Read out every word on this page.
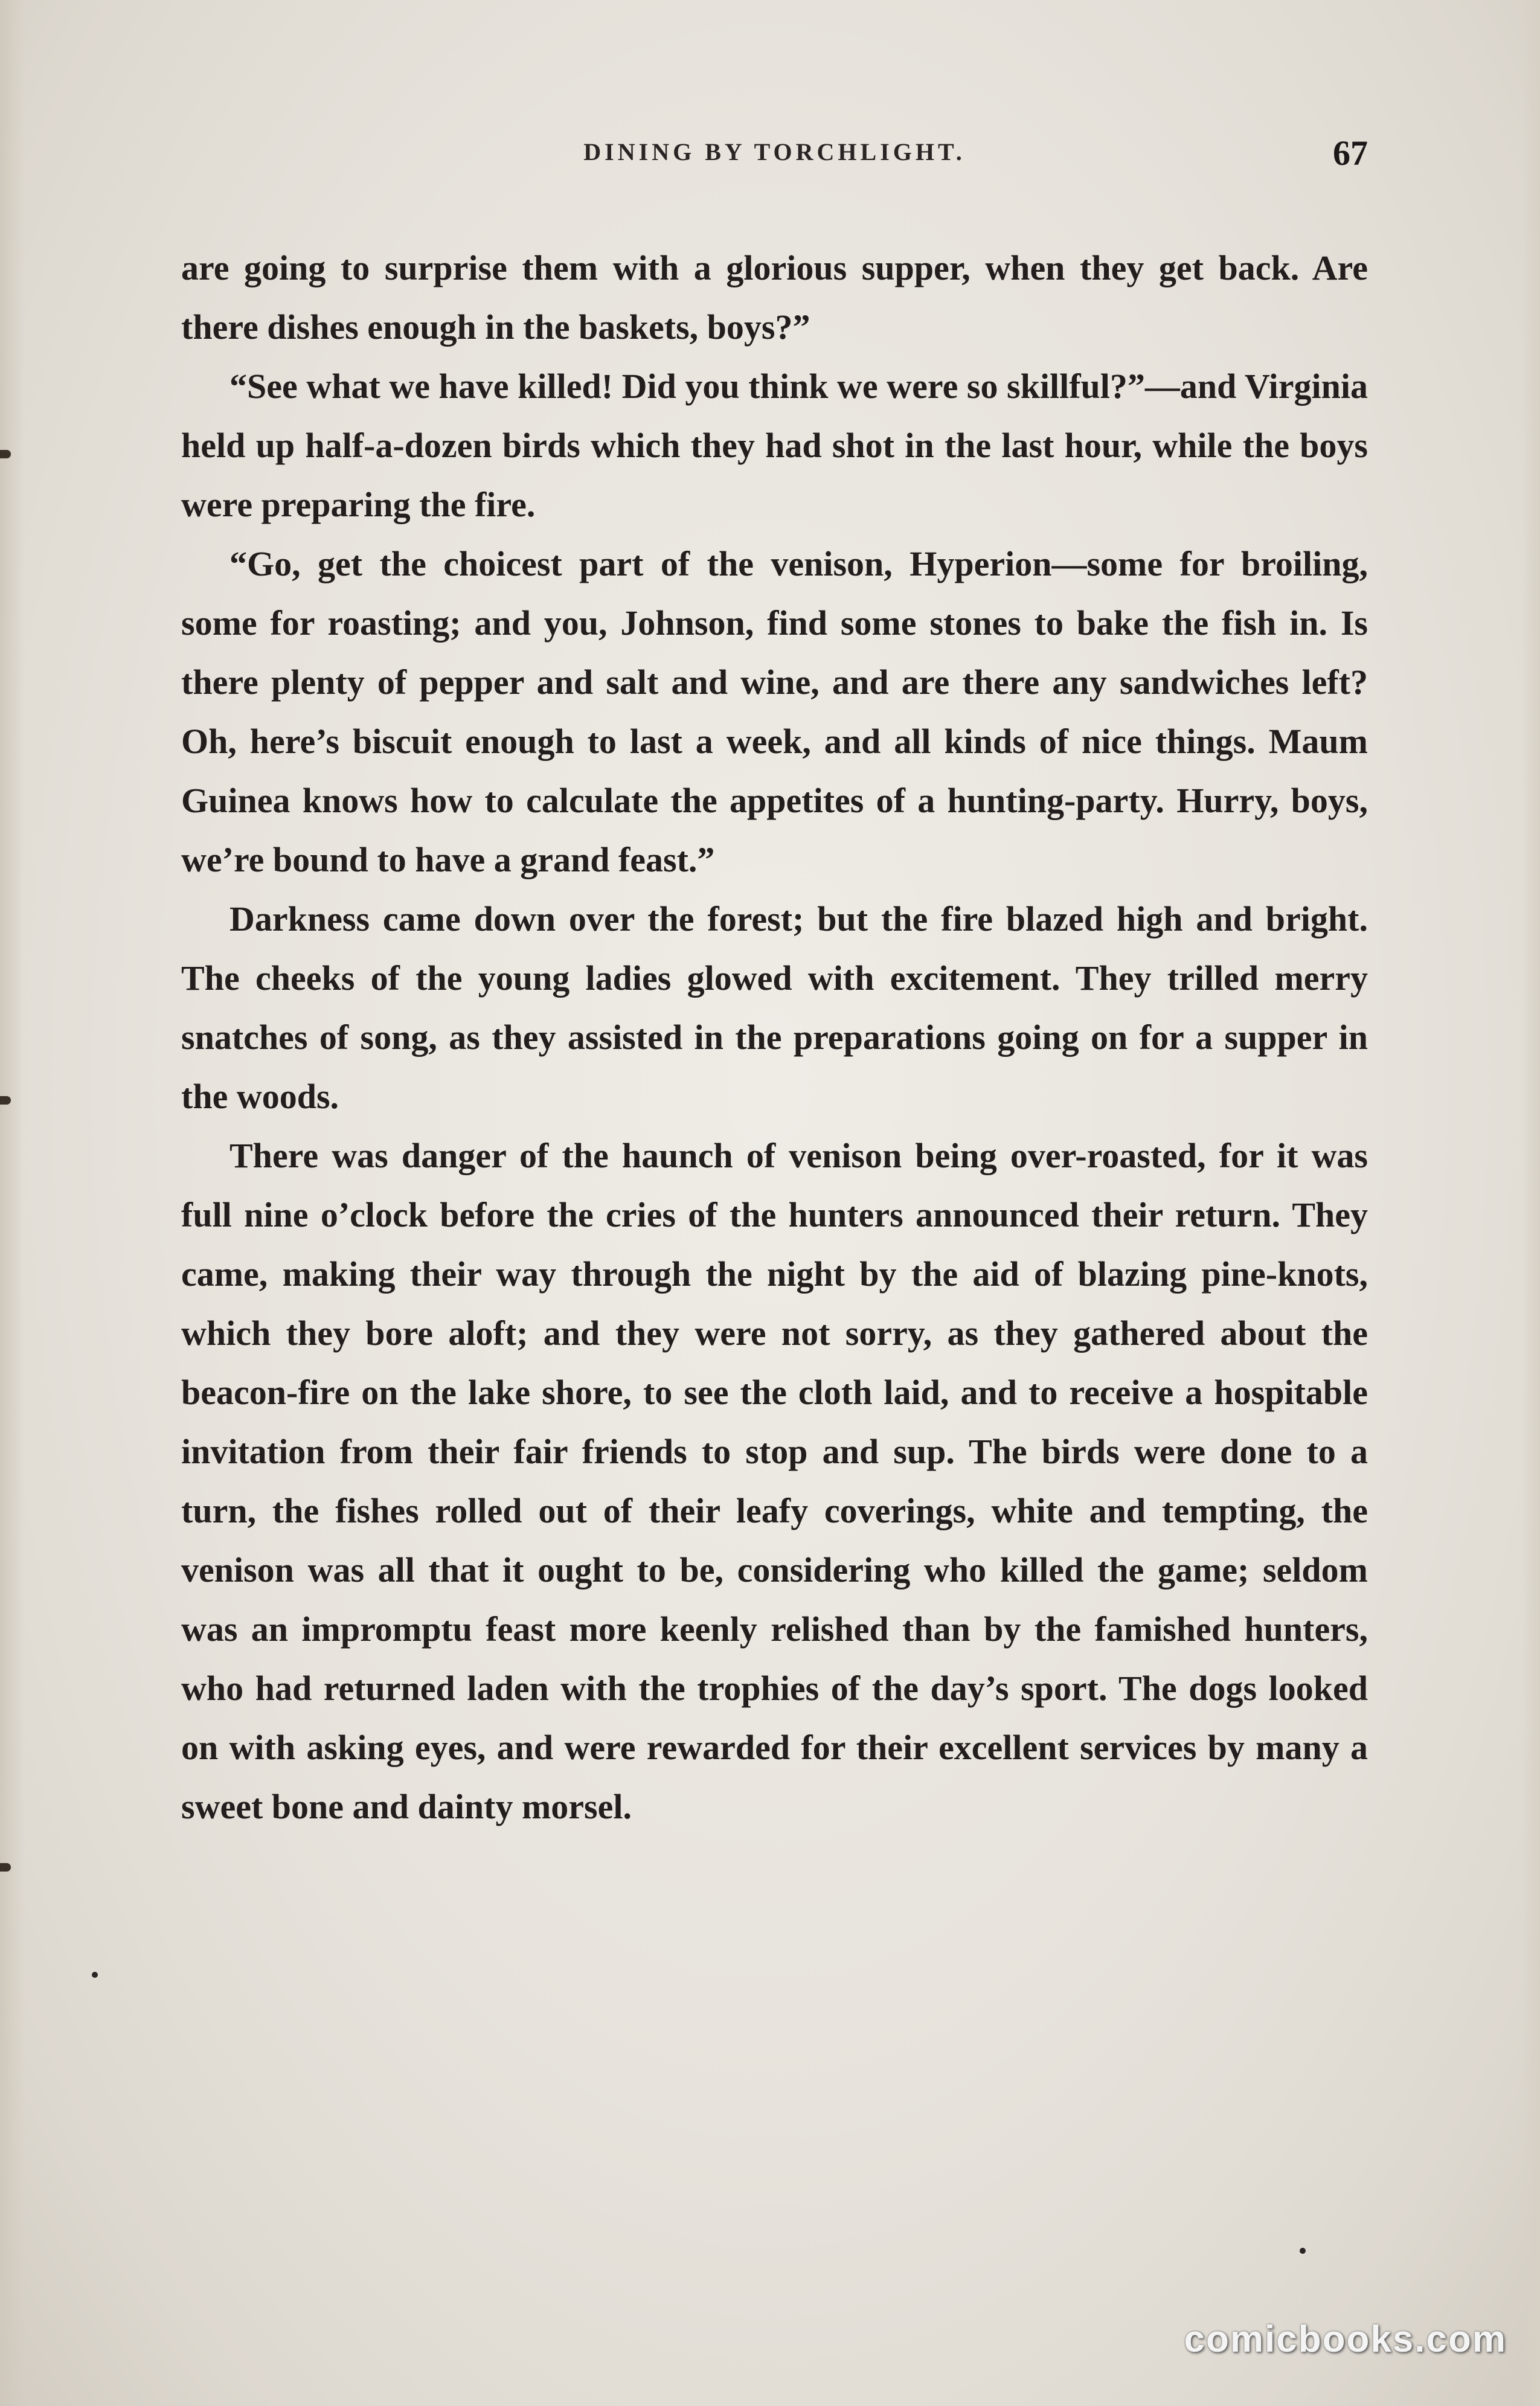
DINING BY TORCHLIGHT.	67

are going to surprise them with a glorious supper, when they get back. Are there dishes enough in the baskets, boys?”

“See what we have killed! Did you think we were so skillful?”—and Virginia held up half-a-dozen birds which they had shot in the last hour, while the boys were preparing the fire.

“Go, get the choicest part of the venison, Hyperion—some for broiling, some for roasting; and you, Johnson, find some stones to bake the fish in. Is there plenty of pepper and salt and wine, and are there any sandwiches left? Oh, here’s biscuit enough to last a week, and all kinds of nice things. Maum Guinea knows how to calculate the appetites of a hunting-party. Hurry, boys, we’re bound to have a grand feast.”

Darkness came down over the forest; but the fire blazed high and bright. The cheeks of the young ladies glowed with excitement. They trilled merry snatches of song, as they assisted in the preparations going on for a supper in the woods.

There was danger of the haunch of venison being over-roasted, for it was full nine o’clock before the cries of the hunters announced their return. They came, making their way through the night by the aid of blazing pine-knots, which they bore aloft; and they were not sorry, as they gathered about the beacon-fire on the lake shore, to see the cloth laid, and to receive a hospitable invitation from their fair friends to stop and sup. The birds were done to a turn, the fishes rolled out of their leafy coverings, white and tempting, the venison was all that it ought to be, considering who killed the game; seldom was an impromptu feast more keenly relished than by the famished hunters, who had returned laden with the trophies of the day’s sport. The dogs looked on with asking eyes, and were rewarded for their excellent services by many a sweet bone and dainty morsel.

comicbooks.com
